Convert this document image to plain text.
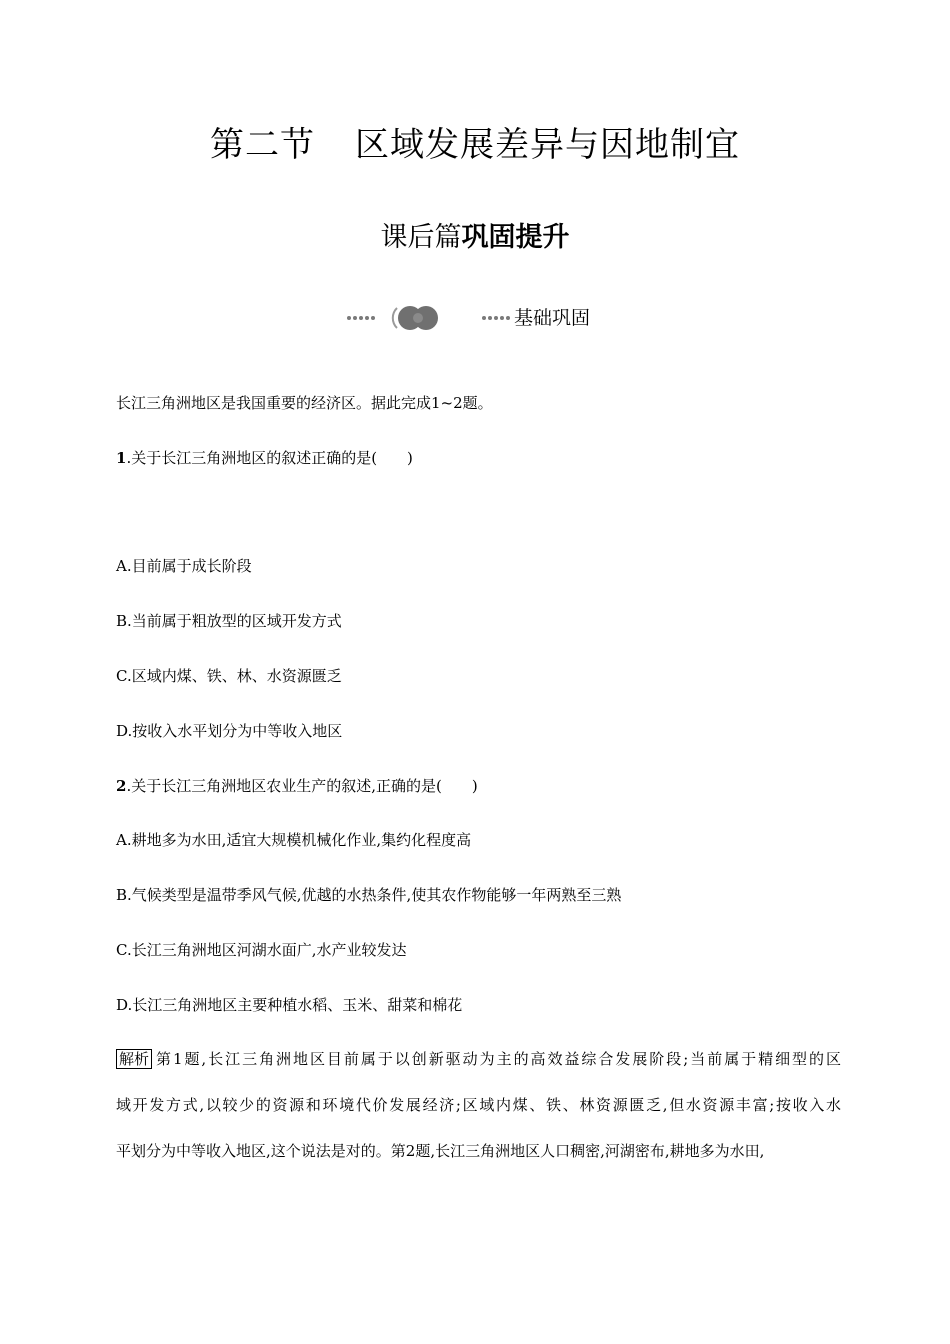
第二节 区域发展差异与因地制宜
课后篇巩固提升
基础巩固
长江三角洲地区是我国重要的经济区。据此完成1~2题。
1.关于长江三角洲地区的叙述正确的是(　　)
A.目前属于成长阶段
B.当前属于粗放型的区域开发方式
C.区域内煤、铁、林、水资源匮乏
D.按收入水平划分为中等收入地区
2.关于长江三角洲地区农业生产的叙述,正确的是(　　)
A.耕地多为水田,适宜大规模机械化作业,集约化程度高
B.气候类型是温带季风气候,优越的水热条件,使其农作物能够一年两熟至三熟
C.长江三角洲地区河湖水面广,水产业较发达
D.长江三角洲地区主要种植水稻、玉米、甜菜和棉花
解析 第1题,长江三角洲地区目前属于以创新驱动为主的高效益综合发展阶段;当前属于精细型的区
域开发方式,以较少的资源和环境代价发展经济;区域内煤、铁、林资源匮乏,但水资源丰富;按收入水
平划分为中等收入地区,这个说法是对的。第2题,长江三角洲地区人口稠密,河湖密布,耕地多为水田,
